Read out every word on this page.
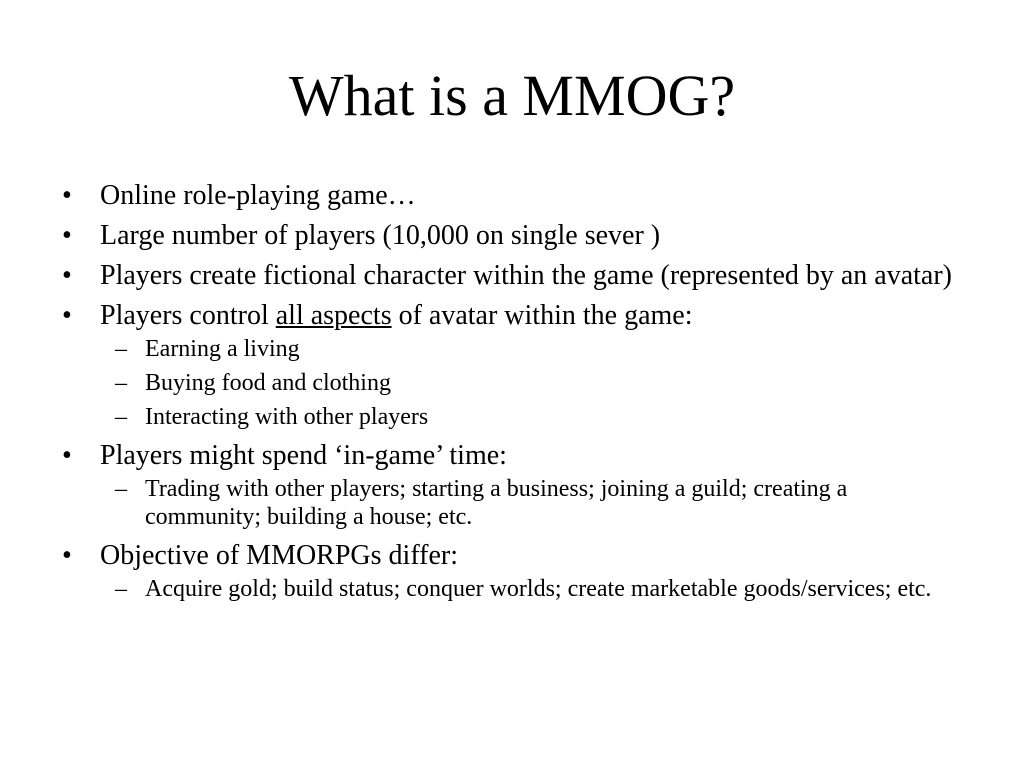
What is a MMOG?
• Online role-playing game…
• Large number of players (10,000 on single sever )
• Players create fictional character within the game (represented by an avatar)
• Players control all aspects of avatar within the game:
– Earning a living
– Buying food and clothing
– Interacting with other players
• Players might spend ‘in-game’ time:
– Trading with other players; starting a business; joining a guild; creating a community; building a house; etc.
• Objective of MMORPGs differ:
– Acquire gold; build status; conquer worlds; create marketable goods/services; etc.
